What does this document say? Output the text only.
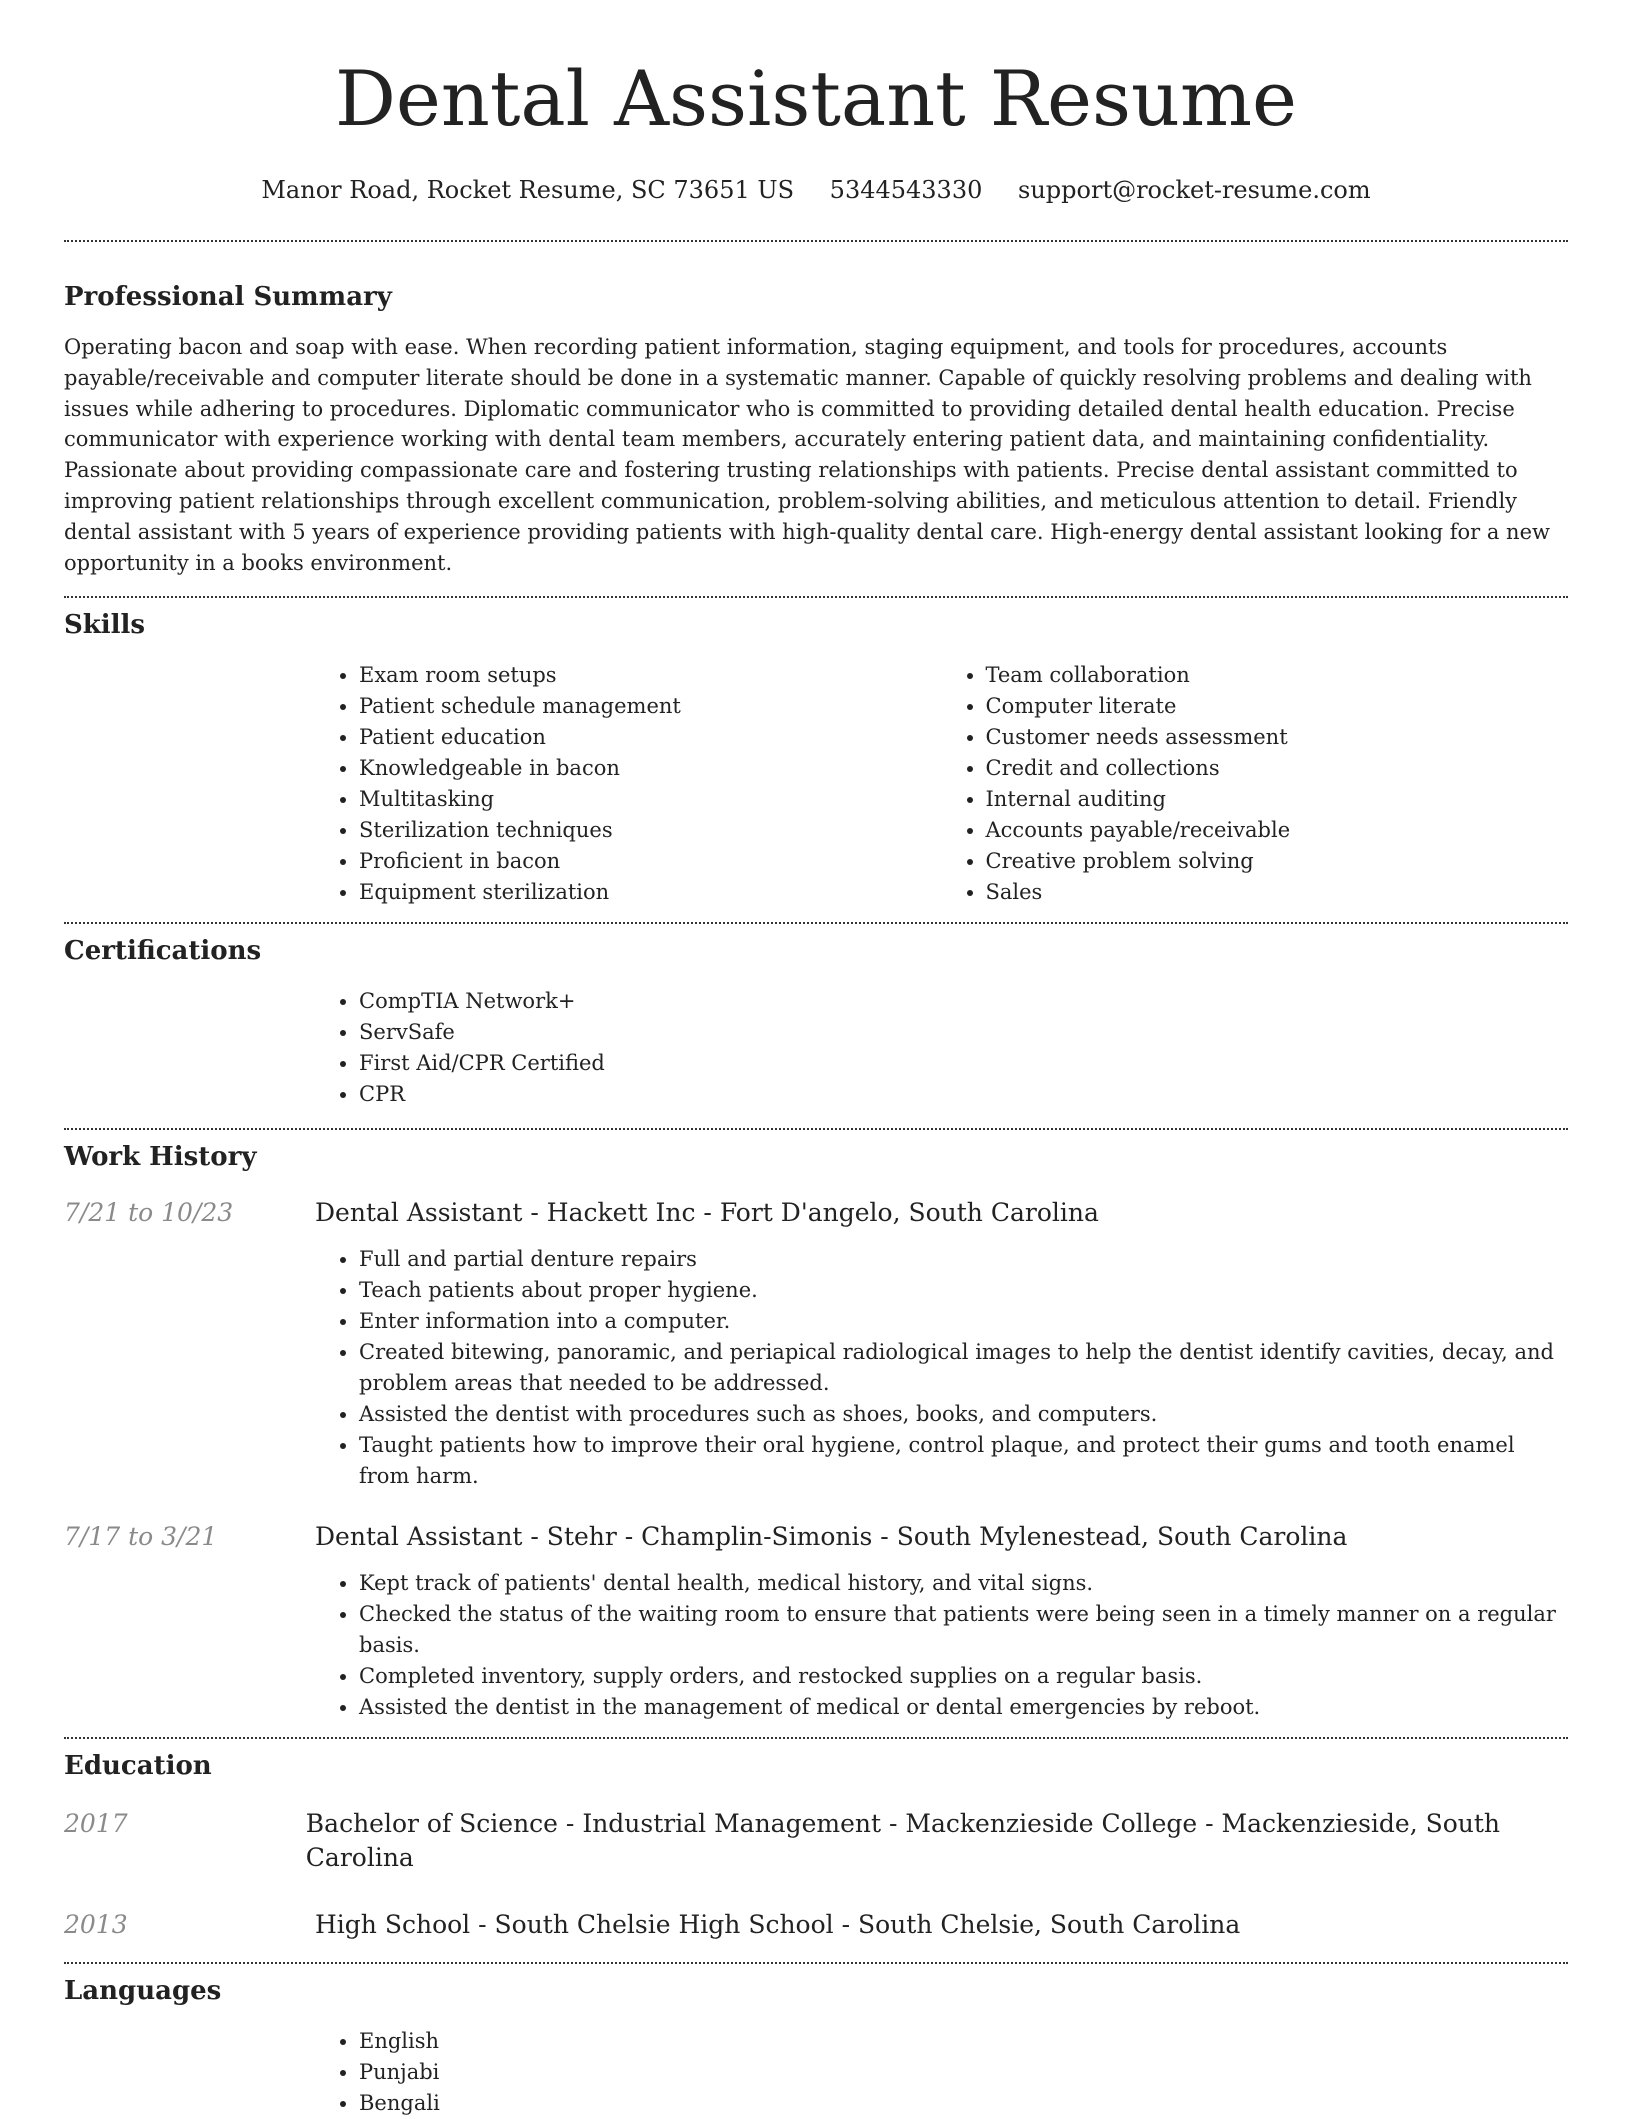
Dental Assistant Resume
Manor Road, Rocket Resume, SC 73651 US 5344543330 support@rocket-resume.com
Professional Summary

Operating bacon and soap with ease. When recording patient information, staging equipment, and tools for procedures, accounts payable/receivable and computer literate should be done in a systematic manner. Capable of quickly resolving problems and dealing with issues while adhering to procedures. Diplomatic communicator who is committed to providing detailed dental health education. Precise communicator with experience working with dental team members, accurately entering patient data, and maintaining confidentiality. Passionate about providing compassionate care and fostering trusting relationships with patients. Precise dental assistant committed to improving patient relationships through excellent communication, problem-solving abilities, and meticulous attention to detail. Friendly dental assistant with 5 years of experience providing patients with high-quality dental care. High-energy dental assistant looking for a new opportunity in a books environment.

Skills
• Exam room setups
• Patient schedule management
• Patient education
• Knowledgeable in bacon
• Multitasking
• Sterilization techniques
• Proficient in bacon
• Equipment sterilization
• Team collaboration
• Computer literate
• Customer needs assessment
• Credit and collections
• Internal auditing
• Accounts payable/receivable
• Creative problem solving
• Sales
Certifications
• CompTIA Network+
• ServSafe
• First Aid/CPR Certified
• CPR
Work History
7/21 to 10/23	Dental Assistant - Hackett Inc - Fort D'angelo, South Carolina
• Full and partial denture repairs
• Teach patients about proper hygiene.
• Enter information into a computer.
• Created bitewing, panoramic, and periapical radiological images to help the dentist identify cavities, decay, and problem areas that needed to be addressed.
• Assisted the dentist with procedures such as shoes, books, and computers.
• Taught patients how to improve their oral hygiene, control plaque, and protect their gums and tooth enamel from harm.
7/17 to 3/21	Dental Assistant - Stehr - Champlin-Simonis - South Mylenestead, South Carolina
• Kept track of patients' dental health, medical history, and vital signs.
• Checked the status of the waiting room to ensure that patients were being seen in a timely manner on a regular basis.
• Completed inventory, supply orders, and restocked supplies on a regular basis.
• Assisted the dentist in the management of medical or dental emergencies by reboot.
Education
2017	Bachelor of Science - Industrial Management - Mackenzieside College - Mackenzieside, South Carolina
2013	High School - South Chelsie High School - South Chelsie, South Carolina
Languages
• English
• Punjabi
• Bengali
